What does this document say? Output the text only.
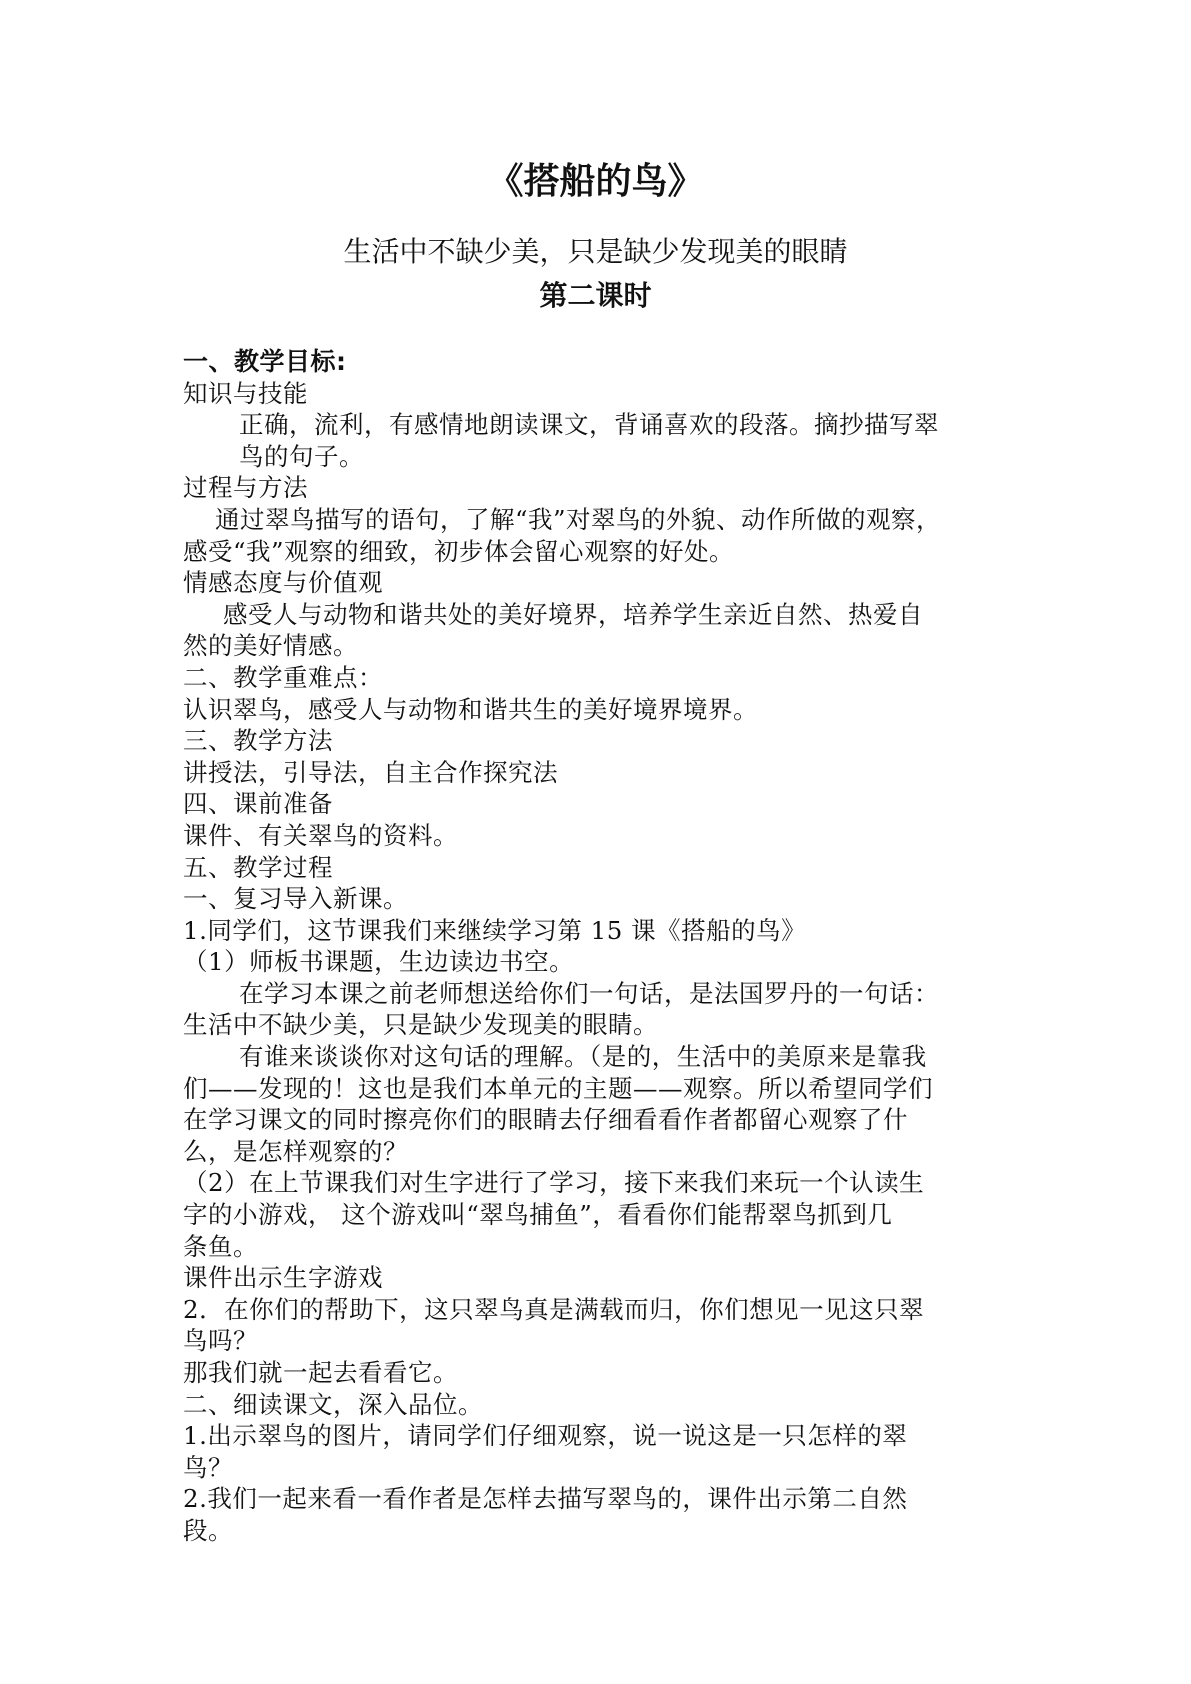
《搭船的鸟》
生活中不缺少美，只是缺少发现美的眼睛
第二课时

一、教学目标:

知识与技能

正确，流利，有感情地朗读课文，背诵喜欢的段落。摘抄描写翠

鸟的句子。

过程与方法

通过翠鸟描写的语句，了解“我”对翠鸟的外貌、动作所做的观察，

感受“我”观察的细致，初步体会留心观察的好处。

情感态度与价值观

感受人与动物和谐共处的美好境界，培养学生亲近自然、热爱自

然的美好情感。

二、教学重难点：

认识翠鸟，感受人与动物和谐共生的美好境界境界。

三、教学方法

讲授法，引导法，自主合作探究法

四、课前准备

课件、有关翠鸟的资料。

五、教学过程

一、复习导入新课。

1.同学们，这节课我们来继续学习第 15 课《搭船的鸟》

（1）师板书课题，生边读边书空。

在学习本课之前老师想送给你们一句话，是法国罗丹的一句话：

生活中不缺少美，只是缺少发现美的眼睛。

有谁来谈谈你对这句话的理解。（是的，生活中的美原来是靠我

们——发现的！这也是我们本单元的主题——观察。所以希望同学们

在学习课文的同时擦亮你们的眼睛去仔细看看作者都留心观察了什

么，是怎样观察的？

（2）在上节课我们对生字进行了学习，接下来我们来玩一个认读生

字的小游戏， 这个游戏叫“翠鸟捕鱼”，看看你们能帮翠鸟抓到几

条鱼。

课件出示生字游戏

2．在你们的帮助下，这只翠鸟真是满载而归，你们想见一见这只翠

鸟吗？

那我们就一起去看看它。

二、细读课文，深入品位。

1.出示翠鸟的图片，请同学们仔细观察，说一说这是一只怎样的翠

鸟？

2.我们一起来看一看作者是怎样去描写翠鸟的，课件出示第二自然

段。
